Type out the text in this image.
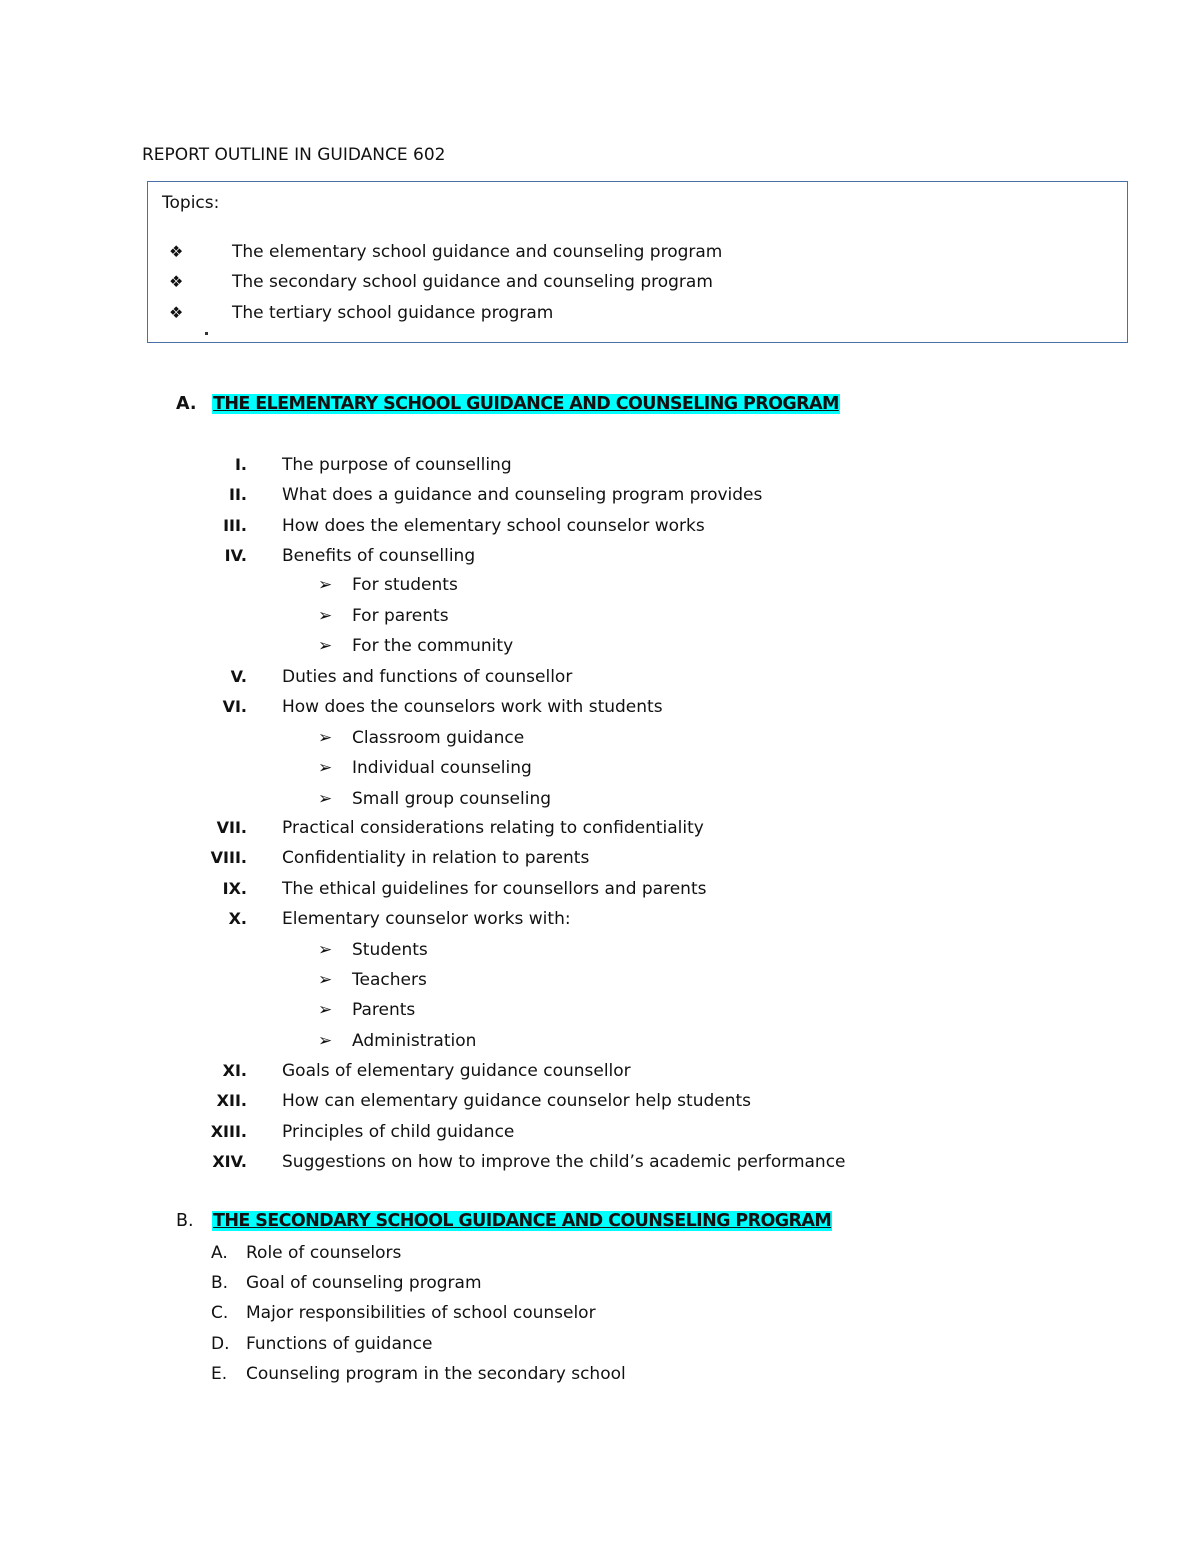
REPORT OUTLINE IN GUIDANCE 602
Topics:
❖	The elementary school guidance and counseling program
❖	The secondary school guidance and counseling program
❖	The tertiary school guidance program
A. THE ELEMENTARY SCHOOL GUIDANCE AND COUNSELING PROGRAM
I. The purpose of counselling
II. What does a guidance and counseling program provides
III. How does the elementary school counselor works
IV. Benefits of counselling
➢ For students
➢ For parents
➢ For the community
V. Duties and functions of counsellor
VI. How does the counselors work with students
➢ Classroom guidance
➢ Individual counseling
➢ Small group counseling
VII. Practical considerations relating to confidentiality
VIII. Confidentiality in relation to parents
IX. The ethical guidelines for counsellors and parents
X. Elementary counselor works with:
➢ Students
➢ Teachers
➢ Parents
➢ Administration
XI. Goals of elementary guidance counsellor
XII. How can elementary guidance counselor help students
XIII. Principles of child guidance
XIV. Suggestions on how to improve the child’s academic performance
B. THE SECONDARY SCHOOL GUIDANCE AND COUNSELING PROGRAM
A. Role of counselors
B. Goal of counseling program
C. Major responsibilities of school counselor
D. Functions of guidance
E. Counseling program in the secondary school
